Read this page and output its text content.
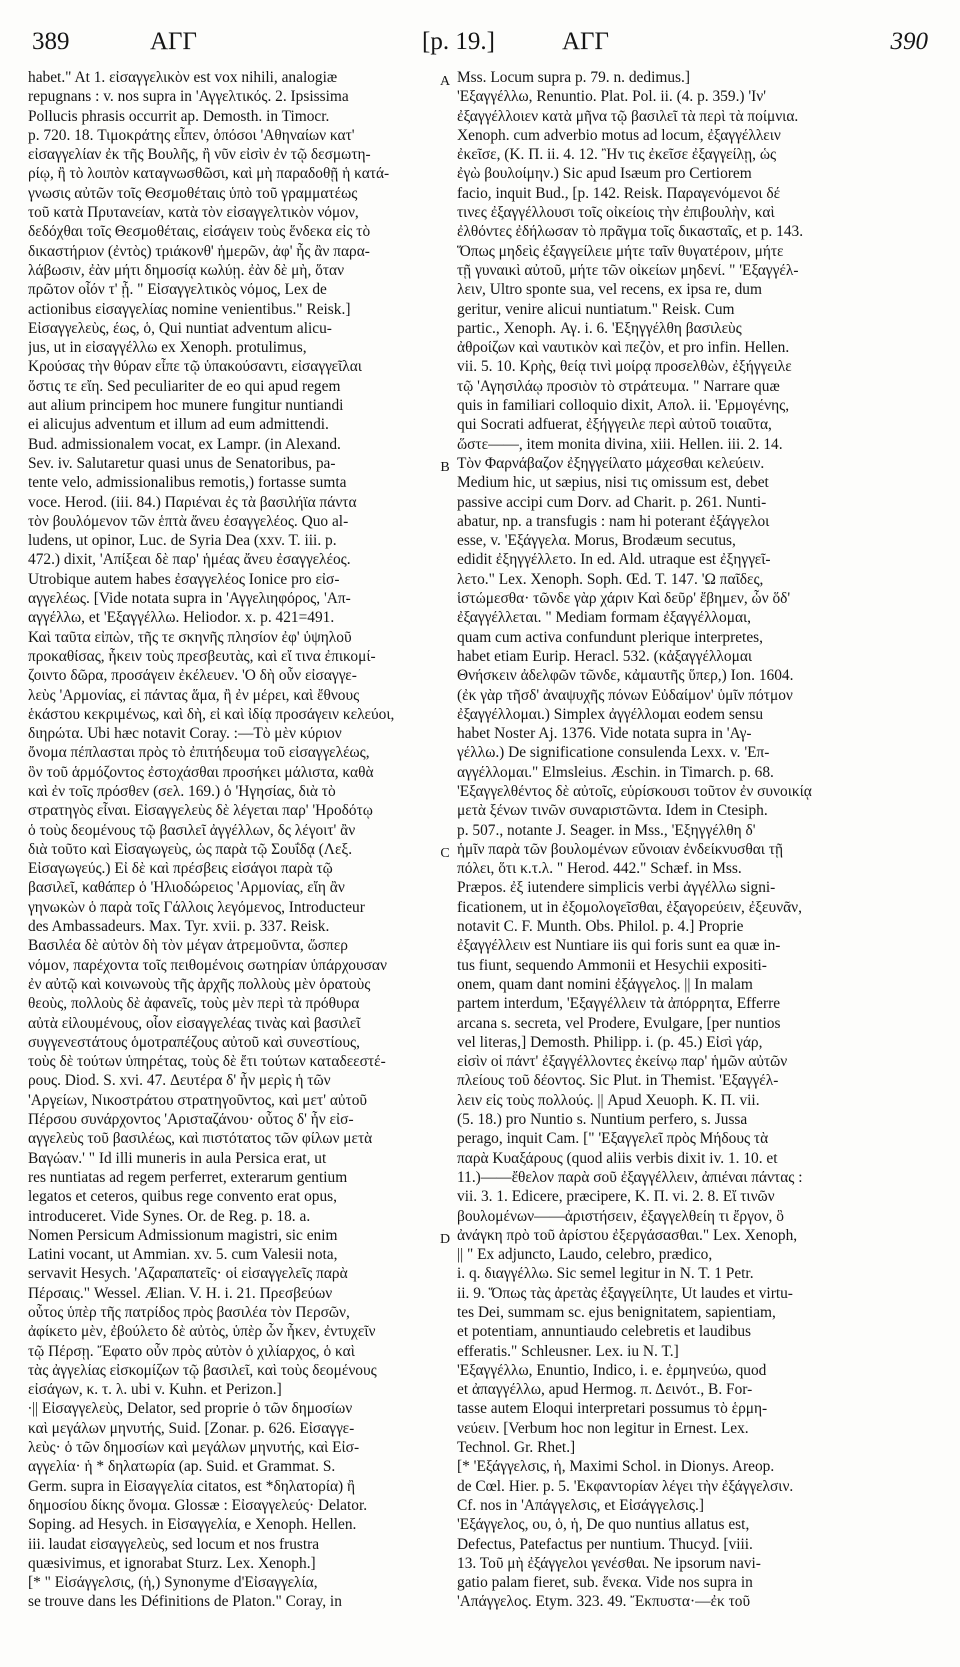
389	ΑΓΓ	[p. 19.]	ΑΓΓ	390
habet." At 1. εἰσαγγελικὸν est vox nihili, analogiæ
repugnans : v. nos supra in 'Αγγελτικός. 2. Ipsissima
Pollucis phrasis occurrit ap. Demosth. in Timocr.
p. 720. 18. Τιμοκράτης εἶπεν, ὁπόσοι 'Αθηναίων κατ'
εἰσαγγελίαν ἐκ τῆς Βουλῆς, ἢ νῦν εἰσὶν ἐν τῷ δεσμωτη-
ρίῳ, ἢ τὸ λοιπὸν καταγνωσθῶσι, καὶ μὴ παραδοθῇ ἡ κατά-
γνωσις αὐτῶν τοῖς Θεσμοθέταις ὑπὸ τοῦ γραμματέως
τοῦ κατὰ Πρυτανείαν, κατὰ τὸν εἰσαγγελτικὸν νόμον,
δεδόχθαι τοῖς Θεσμοθέταις, εἰσάγειν τοὺς ἕνδεκα εἰς τὸ
δικαστήριον (ἐντὸς) τριάκονθ' ἡμερῶν, ἀφ' ἧς ἂν παρα-
λάβωσιν, ἐὰν μήτι δημοσίᾳ κωλύῃ. ἐὰν δὲ μὴ, ὅταν
πρῶτον οἷόν τ' ᾖ. " Εἰσαγγελτικὸς νόμος, Lex de
actionibus εἰσαγγελίας nomine venientibus." Reisk.]
Εἰσαγγελεὺς, έως, ὁ, Qui nuntiat adventum alicu-
jus, ut in εἰσαγγέλλω ex Xenoph. protulimus,
Κρούσας τὴν θύραν εἶπε τῷ ὑπακούσαντι, εἰσαγγεῖλαι
ὅστις τε εἴη. Sed peculiariter de eo qui apud regem
aut alium principem hoc munere fungitur nuntiandi
ei alicujus adventum et illum ad eum admittendi.
Bud. admissionalem vocat, ex Lampr. (in Alexand.
Sev. iv. Salutaretur quasi unus de Senatoribus, pa-
tente velo, admissionalibus remotis,) fortasse sumta
voce. Herod. (iii. 84.) Παριέναι ἐς τὰ βασιλήϊα πάντα
τὸν βουλόμενον τῶν ἑπτὰ ἄνευ ἐσαγγελέος. Quo al-
ludens, ut opinor, Luc. de Syria Dea (xxv. T. iii. p.
472.) dixit, 'Απίξεαι δὲ παρ' ἡμέας ἄνευ ἐσαγγελέος.
Utrobique autem habes ἐσαγγελέος Ionice pro εἰσ-
αγγελέως. [Vide notata supra in 'Αγγελιηφόρος, 'Απ-
αγγέλλω, et 'Εξαγγέλλω. Heliodor. x. p. 421=491.
Καὶ ταῦτα εἰπὼν, τῆς τε σκηνῆς πλησίον ἐφ' ὑψηλοῦ
προκαθίσας, ἧκειν τοὺς πρεσβευτὰς, καὶ εἴ τινα ἐπικομί-
ζοιντο δῶρα, προσάγειν ἐκέλευεν. 'Ο δὴ οὖν εἰσαγγε-
λεὺς 'Αρμονίας, εἰ πάντας ἅμα, ἢ ἐν μέρει, καὶ ἔθνους
ἑκάστου κεκριμένως, καὶ δὴ, εἰ καὶ ἰδίᾳ προσάγειν κελεύοι,
διηρώτα. Ubi hæc notavit Coray. :—Τὸ μὲν κύριον
ὄνομα πέπλασται πρὸς τὸ ἐπιτήδευμα τοῦ εἰσαγγελέως,
ὃν τοῦ ἁρμόζοντος ἐστοχάσθαι προσήκει μάλιστα, καθὰ
καὶ ἐν τοῖς πρόσθεν (σελ. 169.) ὁ 'Ηγησίας, διὰ τὸ
στρατηγὸς εἶναι. Εἰσαγγελεὺς δὲ λέγεται παρ' 'Ηροδότῳ
ὁ τοὺς δεομένους τῷ βασιλεῖ ἀγγέλλων, δς λέγοιτ' ἂν
διὰ τοῦτο καὶ Εἰσαγωγεὺς, ὡς παρὰ τῷ Σουΐδᾳ (Λεξ.
Εἰσαγωγεύς.) Εἰ δὲ καὶ πρέσβεις εἰσάγοι παρὰ τῷ
βασιλεῖ, καθάπερ ὁ 'Ηλιοδώρειος 'Αρμονίας, εἴη ἂν
γηνωκὼν ὁ παρὰ τοῖς Γάλλοις λεγόμενος, Introducteur
des Ambassadeurs. Max. Tyr. xvii. p. 337. Reisk.
Βασιλέα δὲ αὐτὸν δὴ τὸν μέγαν ἀτρεμοῦντα, ὥσπερ
νόμον, παρέχοντα τοῖς πειθομένοις σωτηρίαν ὑπάρχουσαν
ἐν αὐτῷ καὶ κοινωνοὺς τῆς ἀρχῆς πολλοὺς μὲν ὁρατοὺς
θεοὺς, πολλοὺς δὲ ἀφανεῖς, τοὺς μὲν περὶ τὰ πρόθυρα
αὐτὰ εἰλουμένους, οἷον εἰσαγγελέας τινὰς καὶ βασιλεῖ
συγγενεστάτους ὁμοτραπέζους αὐτοῦ καὶ συνεστίους,
τοὺς δὲ τούτων ὑπηρέτας, τοὺς δὲ ἔτι τούτων καταδεεστέ-
ρους. Diod. S. xvi. 47. Δευτέρα δ' ἦν μερὶς ἡ τῶν
'Αργείων, Νικοστράτου στρατηγοῦντος, καὶ μετ' αὐτοῦ
Πέρσου συνάρχοντος 'Αρισταζάνου· οὗτος δ' ἦν εἰσ-
αγγελεὺς τοῦ βασιλέως, καὶ πιστότατος τῶν φίλων μετὰ
Βαγώαν.' " Id illi muneris in aula Persica erat, ut
res nuntiatas ad regem perferret, exterarum gentium
legatos et ceteros, quibus rege convento erat opus,
introduceret. Vide Synes. Or. de Reg. p. 18. a.
Nomen Persicum Admissionum magistri, sic enim
Latini vocant, ut Ammian. xv. 5. cum Valesii nota,
servavit Hesych. 'Αζαραπατεῖς· οἱ εἰσαγγελεῖς παρὰ
Πέρσαις." Wessel. Ælian. V. H. i. 21. Πρεσβεύων
οὗτος ὑπὲρ τῆς πατρίδος πρὸς βασιλέα τὸν Περσῶν,
ἀφίκετο μὲν, ἐβούλετο δὲ αὐτὸς, ὑπὲρ ὧν ἧκεν, ἐντυχεῖν
τῷ Πέρσῃ. Ἔφατο οὖν πρὸς αὐτὸν ὁ χιλίαρχος, ὁ καὶ
τὰς ἀγγελίας εἰσκομίζων τῷ βασιλεῖ, καὶ τοὺς δεομένους
εἰσάγων, κ. τ. λ. ubi v. Kuhn. et Perizon.]
∙|| Εἰσαγγελεὺς, Delator, sed proprie ὁ τῶν δημοσίων
καὶ μεγάλων μηνυτής, Suid. [Zonar. p. 626. Εἰσαγγε-
λεὺς· ὁ τῶν δημοσίων καὶ μεγάλων μηνυτής, καὶ Εἰσ-
αγγελία· ἡ * δηλατωρία (ap. Suid. et Grammat. S.
Germ. supra in Εἰσαγγελία citatos, est *δηλατορία) ἢ
δημοσίου δίκης ὄνομα. Glossæ : Εἰσαγγελεύς· Delator.
Soping. ad Hesych. in Εἰσαγγελία, e Xenoph. Hellen.
iii. laudat εἰσαγγελεὺς, sed locum et nos frustra
quæsivimus, et ignorabat Sturz. Lex. Xenoph.]
[* " Εἰσάγγελσις, (ἡ,) Synonyme d'Εἰσαγγελία,
se trouve dans les Définitions de Platon." Coray, in
Mss. Locum supra p. 79. n. dedimus.]
'Εξαγγέλλω, Renuntio. Plat. Pol. ii. (4. p. 359.) 'Ιν'
ἐξαγγέλλοιεν κατὰ μῆνα τῷ βασιλεῖ τὰ περὶ τὰ ποίμνια.
Xenoph. cum adverbio motus ad locum, ἐξαγγέλλειν
ἐκεῖσε, (K. Π. ii. 4. 12. Ἢν τις ἐκεῖσε ἐξαγγείλῃ, ὡς
ἐγὼ βουλοίμην.) Sic apud Isæum pro Certiorem
facio, inquit Bud., [p. 142. Reisk. Παραγενόμενοι δέ
τινες ἐξαγγέλλουσι τοῖς οἰκείοις τὴν ἐπιβουλὴν, καὶ
ἐλθόντες ἐδήλωσαν τὸ πρᾶγμα τοῖς δικασταῖς, et p. 143.
Ὅπως μηδεὶς ἐξαγγείλειε μήτε ταῖν θυγατέροιν, μήτε
τῇ γυναικὶ αὐτοῦ, μήτε τῶν οἰκείων μηδενί. " 'Εξαγγέλ-
λειν, Ultro sponte sua, vel recens, ex ipsa re, dum
geritur, venire alicui nuntiatum." Reisk. Cum
partic., Xenoph. Αγ. i. 6. 'Εξηγγέλθη βασιλεὺς
ἀθροίζων καὶ ναυτικὸν καὶ πεζὸν, et pro infin. Hellen.
vii. 5. 10. Κρὴς, θείᾳ τινὶ μοίρᾳ προσελθὼν, ἐξήγγειλε
τῷ 'Αγησιλάῳ προσιὸν τὸ στράτευμα. " Narrare quæ
quis in familiari colloquio dixit, Απολ. ii. 'Ερμογένης,
qui Socrati adfuerat, ἐξήγγειλε περὶ αὐτοῦ τοιαῦτα,
ὥστε——, item monita divina, xiii. Hellen. iii. 2. 14.
Τὸν Φαρνάβαζον ἐξηγγείλατο μάχεσθαι κελεύειν.
Medium hic, ut sæpius, nisi τις omissum est, debet
passive accipi cum Dorv. ad Charit. p. 261. Nunti-
abatur, np. a transfugis : nam hi poterant ἐξάγγελοι
esse, v. 'Εξάγγελα. Morus, Brodæum secutus,
edidit ἐξηγγέλλετο. In ed. Ald. utraque est ἐξηγγεῖ-
λετο." Lex. Xenoph. Soph. Œd. T. 147. 'Ω παῖδες,
ἱστώμεσθα· τῶνδε γὰρ χάριν Καὶ δεῦρ' ἔβημεν, ὧν ὅδ'
ἐξαγγέλλεται. " Mediam formam ἐξαγγέλλομαι,
quam cum activa confundunt plerique interpretes,
habet etiam Eurip. Heracl. 532. (κἀξαγγέλλομαι
Θνήσκειν ἀδελφῶν τῶνδε, κἀμαυτῆς ὕπερ,) Ion. 1604.
(ἐκ γὰρ τῆσδ' ἀναψυχῆς πόνων Εὐδαίμον' ὑμῖν πότμον
ἐξαγγέλλομαι.) Simplex ἀγγέλλομαι eodem sensu
habet Noster Aj. 1376. Vide notata supra in 'Αγ-
γέλλω.) De significatione consulenda Lexx. v. 'Επ-
αγγέλλομαι." Elmsleius. Æschin. in Timarch. p. 68.
'Εξαγγελθέντος δὲ αὐτοῖς, εὑρίσκουσι τοῦτον ἐν συνοικίᾳ
μετὰ ξένων τινῶν συναριστῶντα. Idem in Ctesiph.
p. 507., notante J. Seager. in Mss., 'Εξηγγέλθη δ'
ἡμῖν παρὰ τῶν βουλομένων εὔνοιαν ἐνδείκνυσθαι τῇ
πόλει, ὅτι κ.τ.λ. " Herod. 442." Schæf. in Mss.
Præpos. ἐξ iutendere simplicis verbi ἀγγέλλω signi-
ficationem, ut in ἐξομολογεῖσθαι, ἐξαγορεύειν, ἐξευνᾶν,
notavit C. F. Munth. Obs. Philol. p. 4.] Proprie
ἐξαγγέλλειν est Nuntiare iis qui foris sunt ea quæ in-
tus fiunt, sequendo Ammonii et Hesychii expositi-
onem, quam dant nomini ἐξάγγελος. || In malam
partem interdum, 'Εξαγγέλλειν τὰ ἀπόρρητα, Efferre
arcana s. secreta, vel Prodere, Evulgare, [per nuntios
vel literas,] Demosth. Philipp. i. (p. 45.) Εἰσὶ γάρ,
εἰσὶν οἱ πάντ' ἐξαγγέλλοντες ἐκείνῳ παρ' ἡμῶν αὐτῶν
πλείους τοῦ δέοντος. Sic Plut. in Themist. 'Εξαγγέλ-
λειν εἰς τοὺς πολλούς. || Apud Xeuoph. K. Π. vii.
(5. 18.) pro Nuntio s. Nuntium perfero, s. Jussa
perago, inquit Cam. [" 'Εξαγγελεῖ πρὸς Μήδους τὰ
παρὰ Κυαξάρους (quod aliis verbis dixit iv. 1. 10. et
11.)——ἔθελον παρὰ σοῦ ἐξαγγέλλειν, ἀπιέναι πάντας :
vii. 3. 1. Edicere, præcipere, K. Π. vi. 2. 8. Εἴ τινῶν
βουλομένων——ἀριστήσειν, ἐξαγγελθείη τι ἔργον, ὃ
ἀνάγκη πρὸ τοῦ ἀρίστου ἐξεργάσασθαι." Lex. Xenoph,
|| " Ex adjuncto, Laudo, celebro, prædico,
i. q. διαγγέλλω. Sic semel legitur in N. T. 1 Petr.
ii. 9. Ὅπως τὰς ἀρετὰς ἐξαγγείλητε, Ut laudes et virtu-
tes Dei, summam sc. ejus benignitatem, sapientiam,
et potentiam, annuntiaudo celebretis et laudibus
efferatis." Schleusner. Lex. iu N. T.]
'Εξαγγέλλω, Enuntio, Indico, i. e. ἑρμηνεύω, quod
et ἀπαγγέλλω, apud Hermog. π. Δεινότ., B. For-
tasse autem Eloqui interpretari possumus τὸ ἑρμη-
νεύειν. [Verbum hoc non legitur in Ernest. Lex.
Technol. Gr. Rhet.]
[* 'Εξάγγελσις, ἡ, Maximi Schol. in Dionys. Areop.
de Cœl. Hier. p. 5. 'Εκφαντορίαν λέγει τὴν ἐξάγγελσιν.
Cf. nos in 'Απάγγελσις, et Εἰσάγγελσις.]
'Εξάγγελος, ου, ὁ, ἡ, De quo nuntius allatus est,
Defectus, Patefactus per nuntium. Thucyd. [viii.
13. Τοῦ μὴ ἐξάγγελοι γενέσθαι. Ne ipsorum navi-
gatio palam fieret, sub. ἕνεκα. Vide nos supra in
'Απάγγελος. Etym. 323. 49. Ἔκπυστα·—ἐκ τοῦ
A
B
C
D
